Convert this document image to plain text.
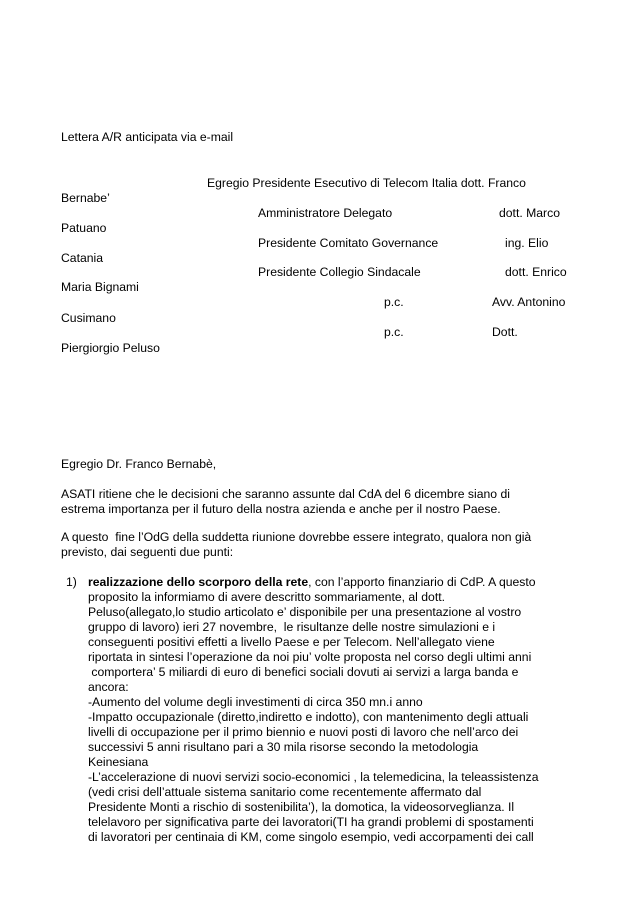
Lettera A/R anticipata via e-mail
Egregio Presidente Esecutivo di Telecom Italia dott. Franco
Bernabe’
Amministratore Delegato	dott. Marco
Patuano
Presidente Comitato Governance	ing. Elio
Catania
Presidente Collegio Sindacale	dott. Enrico
Maria Bignami
p.c.	Avv. Antonino
Cusimano
p.c.	Dott.
Piergiorgio Peluso
Egregio Dr. Franco Bernabè,
ASATI ritiene che le decisioni che saranno assunte dal CdA del 6 dicembre siano di
estrema importanza per il futuro della nostra azienda e anche per il nostro Paese.
A questo  fine l’OdG della suddetta riunione dovrebbe essere integrato, qualora non già
previsto, dai seguenti due punti:
1) realizzazione dello scorporo della rete, con l’apporto finanziario di CdP. A questo
proposito la informiamo di avere descritto sommariamente, al dott.
Peluso(allegato,lo studio articolato e’ disponibile per una presentazione al vostro
gruppo di lavoro) ieri 27 novembre,  le risultanze delle nostre simulazioni e i
conseguenti positivi effetti a livello Paese e per Telecom. Nell’allegato viene
riportata in sintesi l’operazione da noi piu’ volte proposta nel corso degli ultimi anni
comportera’ 5 miliardi di euro di benefici sociali dovuti ai servizi a larga banda e
ancora:
-Aumento del volume degli investimenti di circa 350 mn.i anno
-Impatto occupazionale (diretto,indiretto e indotto), con mantenimento degli attuali
livelli di occupazione per il primo biennio e nuovi posti di lavoro che nell’arco dei
successivi 5 anni risultano pari a 30 mila risorse secondo la metodologia
Keinesiana
-L’accelerazione di nuovi servizi socio-economici , la telemedicina, la teleassistenza
(vedi crisi dell’attuale sistema sanitario come recentemente affermato dal
Presidente Monti a rischio di sostenibilita’), la domotica, la videosorveglianza. Il
telelavoro per significativa parte dei lavoratori(TI ha grandi problemi di spostamenti
di lavoratori per centinaia di KM, come singolo esempio, vedi accorpamenti dei call
